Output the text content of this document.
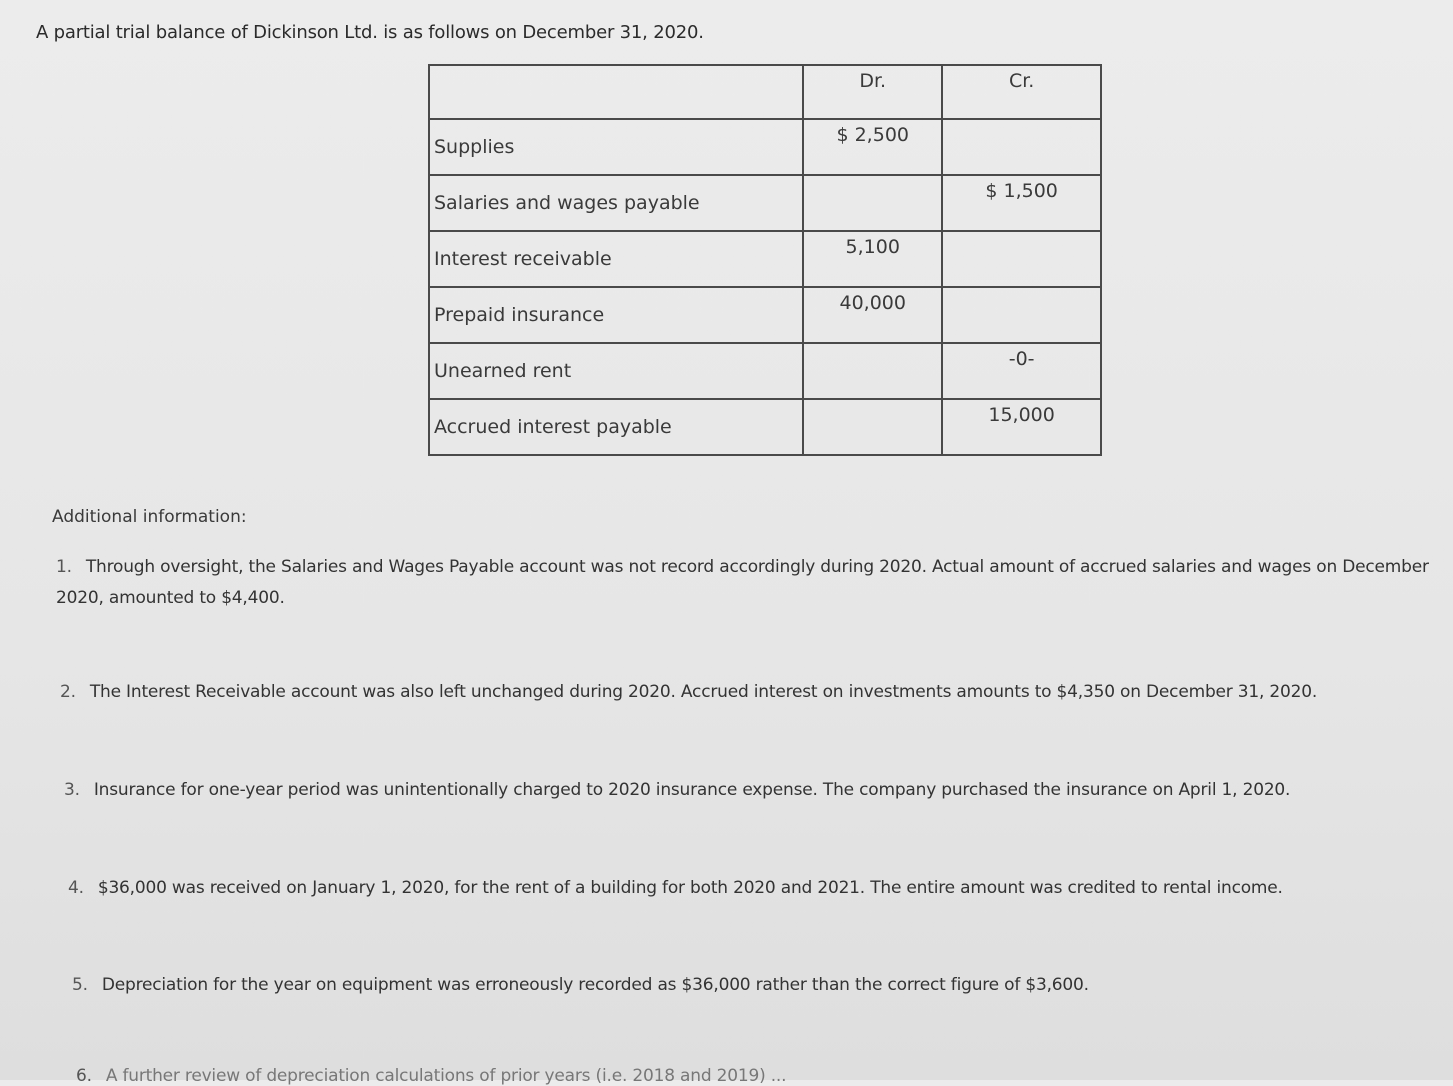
A partial trial balance of Dickinson Ltd. is as follows on December 31, 2020.
	Dr.	Cr.
Supplies	$ 2,500	
Salaries and wages payable		$ 1,500
Interest receivable	5,100	
Prepaid insurance	40,000	
Unearned rent		-0-
Accrued interest payable		15,000
Additional information:
1. Through oversight, the Salaries and Wages Payable account was not record accordingly during 2020. Actual amount of accrued salaries and wages on December
2020, amounted to $4,400.
2. The Interest Receivable account was also left unchanged during 2020. Accrued interest on investments amounts to $4,350 on December 31, 2020.
3. Insurance for one-year period was unintentionally charged to 2020 insurance expense. The company purchased the insurance on April 1, 2020.
4. $36,000 was received on January 1, 2020, for the rent of a building for both 2020 and 2021. The entire amount was credited to rental income.
5. Depreciation for the year on equipment was erroneously recorded as $36,000 rather than the correct figure of $3,600.
6. A further review of depreciation calculations of prior years (i.e. 2018 and 2019) ...
